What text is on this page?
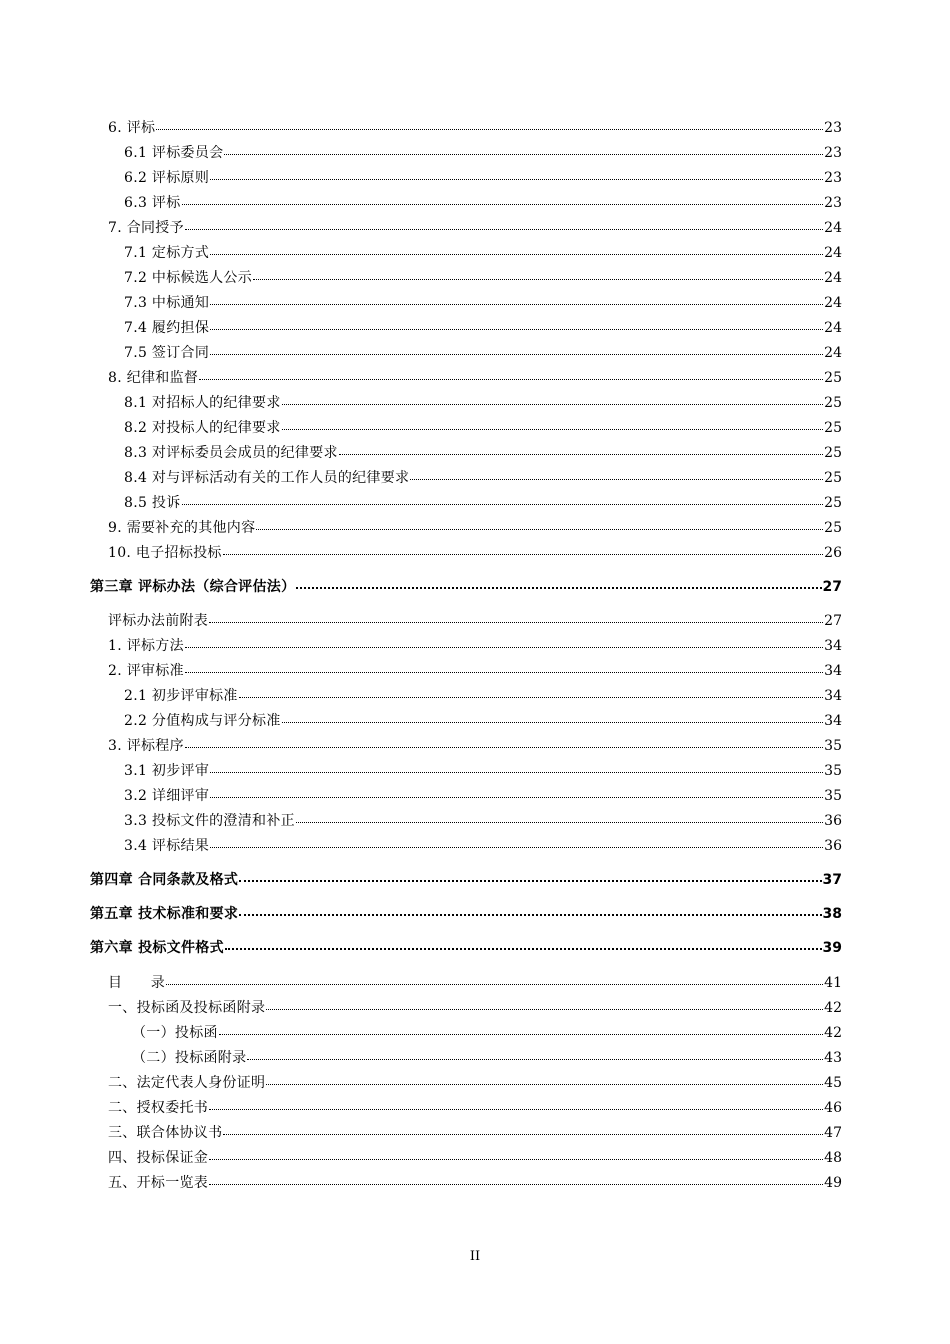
6. 评标	23
6.1 评标委员会	23
6.2 评标原则	23
6.3 评标	23
7. 合同授予	24
7.1 定标方式	24
7.2 中标候选人公示	24
7.3 中标通知	24
7.4 履约担保	24
7.5 签订合同	24
8. 纪律和监督	25
8.1 对招标人的纪律要求	25
8.2 对投标人的纪律要求	25
8.3 对评标委员会成员的纪律要求	25
8.4 对与评标活动有关的工作人员的纪律要求	25
8.5 投诉	25
9. 需要补充的其他内容	25
10. 电子招标投标	26
第三章 评标办法（综合评估法）	27
评标办法前附表	27
1. 评标方法	34
2. 评审标准	34
2.1 初步评审标准	34
2.2 分值构成与评分标准	34
3. 评标程序	35
3.1 初步评审	35
3.2 详细评审	35
3.3 投标文件的澄清和补正	36
3.4 评标结果	36
第四章 合同条款及格式	37
第五章 技术标准和要求	38
第六章 投标文件格式	39
目      录	41
一、投标函及投标函附录	42
（一）投标函	42
（二）投标函附录	43
二、法定代表人身份证明	45
二、授权委托书	46
三、联合体协议书	47
四、投标保证金	48
五、开标一览表	49
II
